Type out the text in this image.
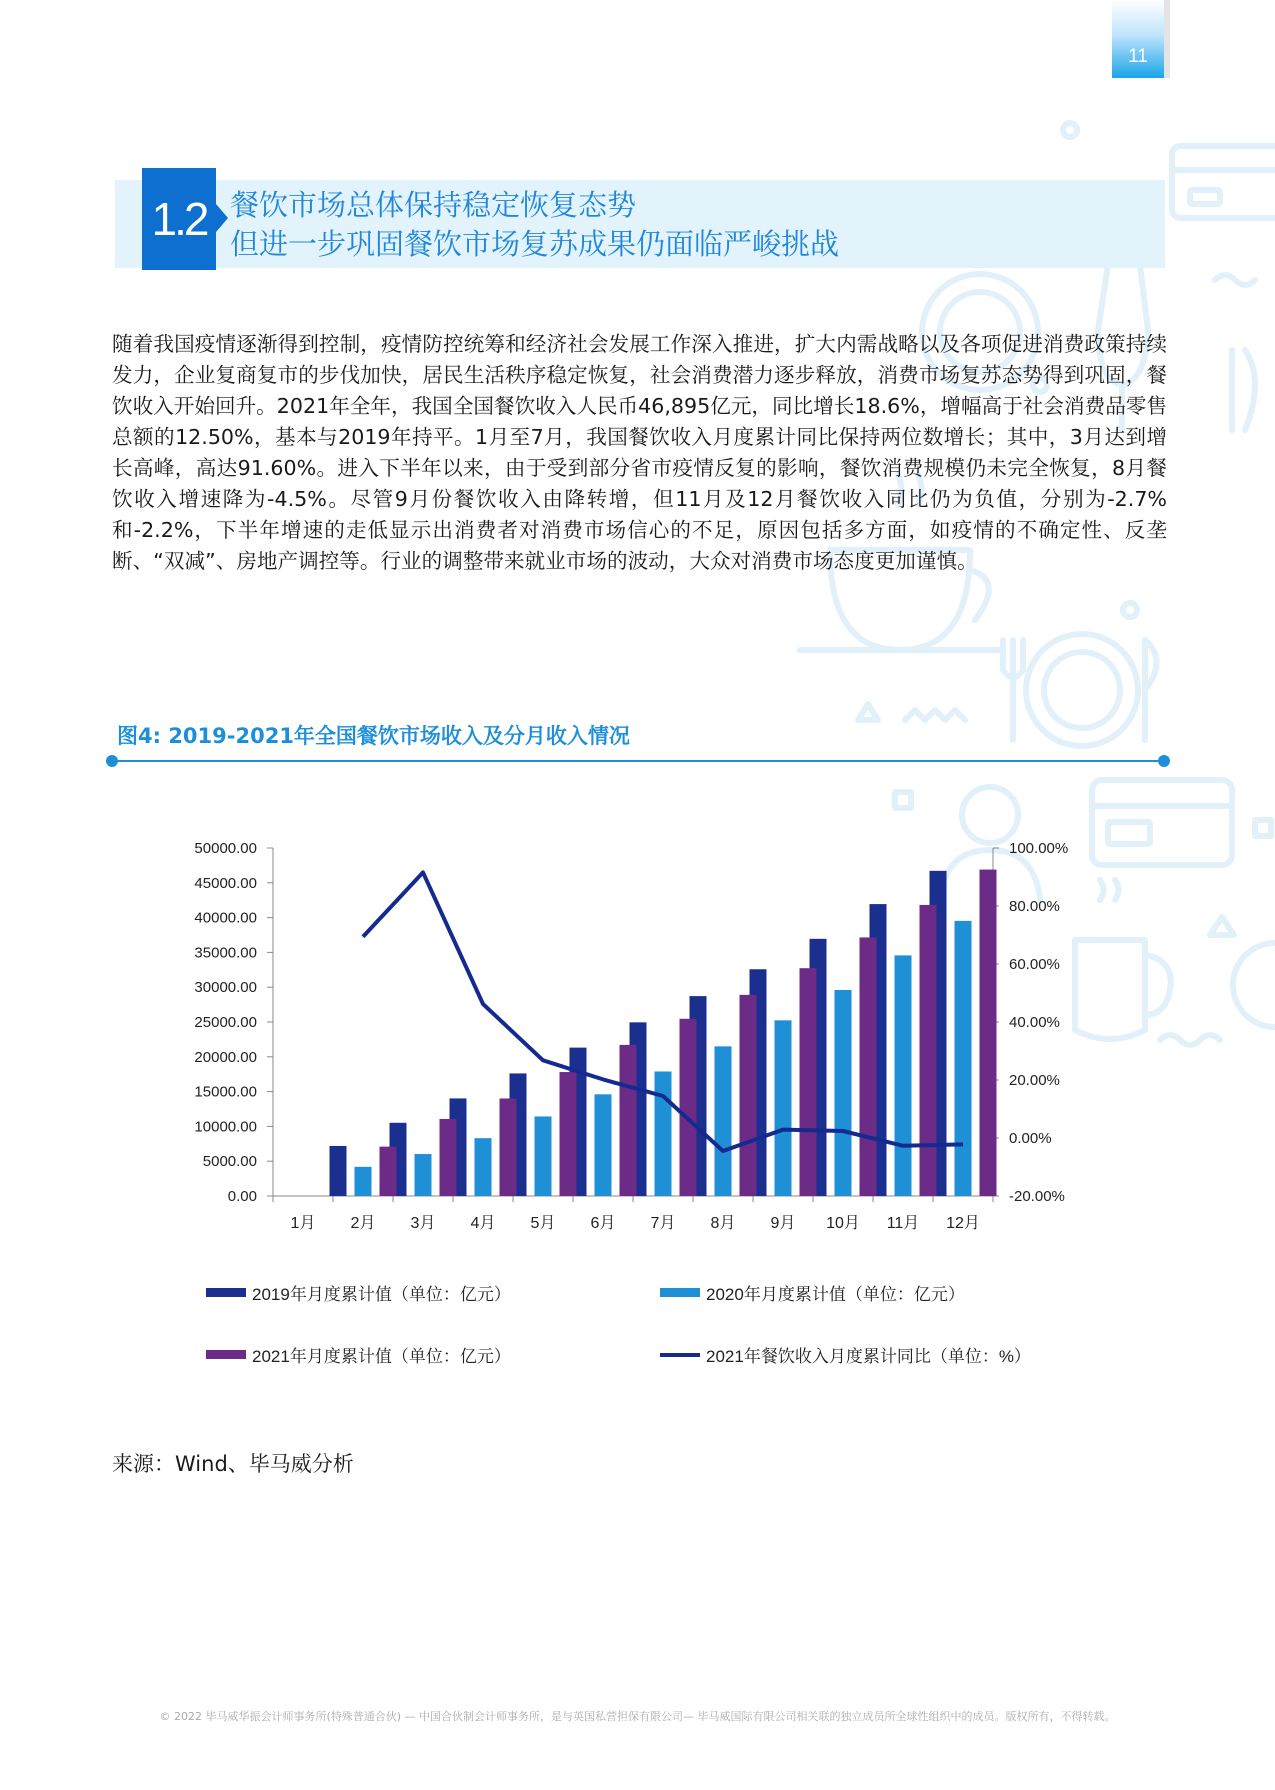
11
1.2 餐饮市场总体保持稳定恢复态势
但进一步巩固餐饮市场复苏成果仍面临严峻挑战
随着我国疫情逐渐得到控制，疫情防控统筹和经济社会发展工作深入推进，扩大内需战略以及各项促进消费政策持续发力，企业复商复市的步伐加快，居民生活秩序稳定恢复，社会消费潜力逐步释放，消费市场复苏态势得到巩固，餐饮收入开始回升。2021年全年，我国全国餐饮收入人民币46,895亿元，同比增长18.6%，增幅高于社会消费品零售总额的12.50%，基本与2019年持平。1月至7月，我国餐饮收入月度累计同比保持两位数增长；其中，3月达到增长高峰，高达91.60%。进入下半年以来，由于受到部分省市疫情反复的影响，餐饮消费规模仍未完全恢复，8月餐饮收入增速降为-4.5%。尽管9月份餐饮收入由降转增，但11月及12月餐饮收入同比仍为负值，分别为-2.7%和-2.2%，下半年增速的走低显示出消费者对消费市场信心的不足，原因包括多方面，如疫情的不确定性、反垄断、“双减”、房地产调控等。行业的调整带来就业市场的波动，大众对消费市场态度更加谨慎。
图4: 2019-2021年全国餐饮市场收入及分月收入情况
0.00
5000.00
10000.00
15000.00
20000.00
25000.00
30000.00
35000.00
40000.00
45000.00
50000.00
-20.00%
0.00%
20.00%
40.00%
60.00%
80.00%
100.00%
1月 2月 3月 4月 5月 6月 7月 8月 9月 10月 11月 12月
2019年月度累计值（单位：亿元）	2020年月度累计值（单位：亿元）
2021年月度累计值（单位：亿元）	2021年餐饮收入月度累计同比（单位：%）
来源：Wind、毕马威分析
© 2022 毕马威华振会计师事务所(特殊普通合伙) — 中国合伙制会计师事务所，是与英国私营担保有限公司— 毕马威国际有限公司相关联的独立成员所全球性组织中的成员。版权所有，不得转载。
